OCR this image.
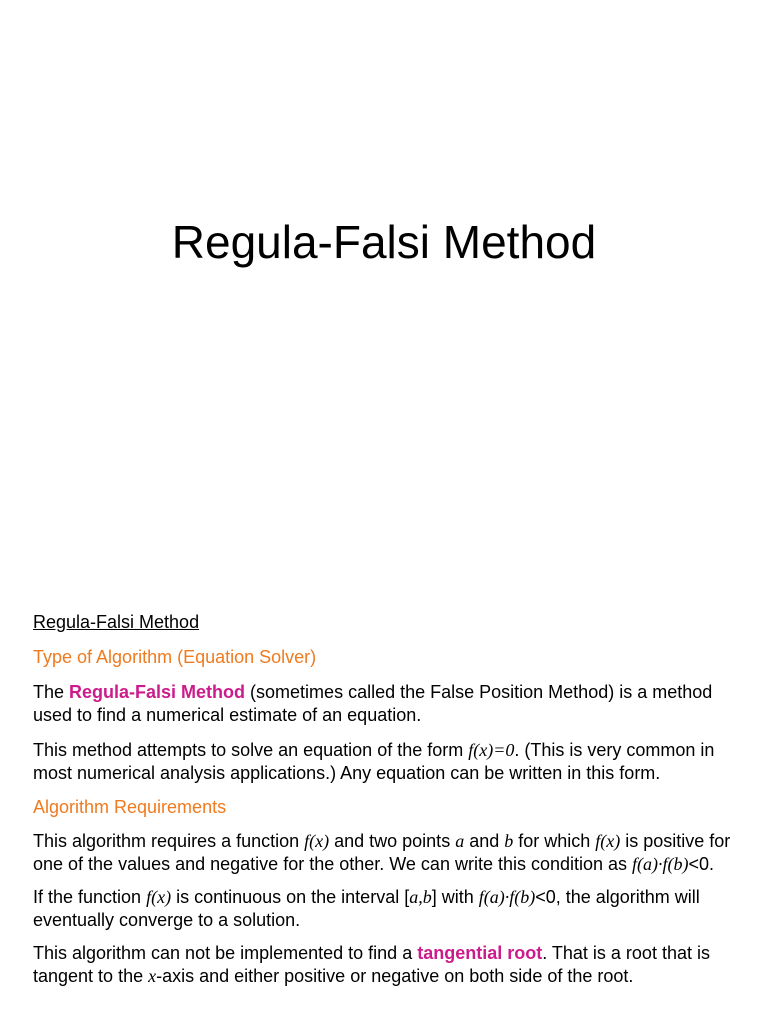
Regula-Falsi Method

Regula-Falsi Method

Type of Algorithm (Equation Solver)

The Regula-Falsi Method (sometimes called the False Position Method) is a method used to find a numerical estimate of an equation.

This method attempts to solve an equation of the form f(x)=0. (This is very common in most numerical analysis applications.) Any equation can be written in this form.

Algorithm Requirements

This algorithm requires a function f(x) and two points a and b for which f(x) is positive for one of the values and negative for the other. We can write this condition as f(a)·f(b)<0.

If the function f(x) is continuous on the interval [a,b] with f(a)·f(b)<0, the algorithm will eventually converge to a solution.

This algorithm can not be implemented to find a tangential root. That is a root that is tangent to the x-axis and either positive or negative on both side of the root.
